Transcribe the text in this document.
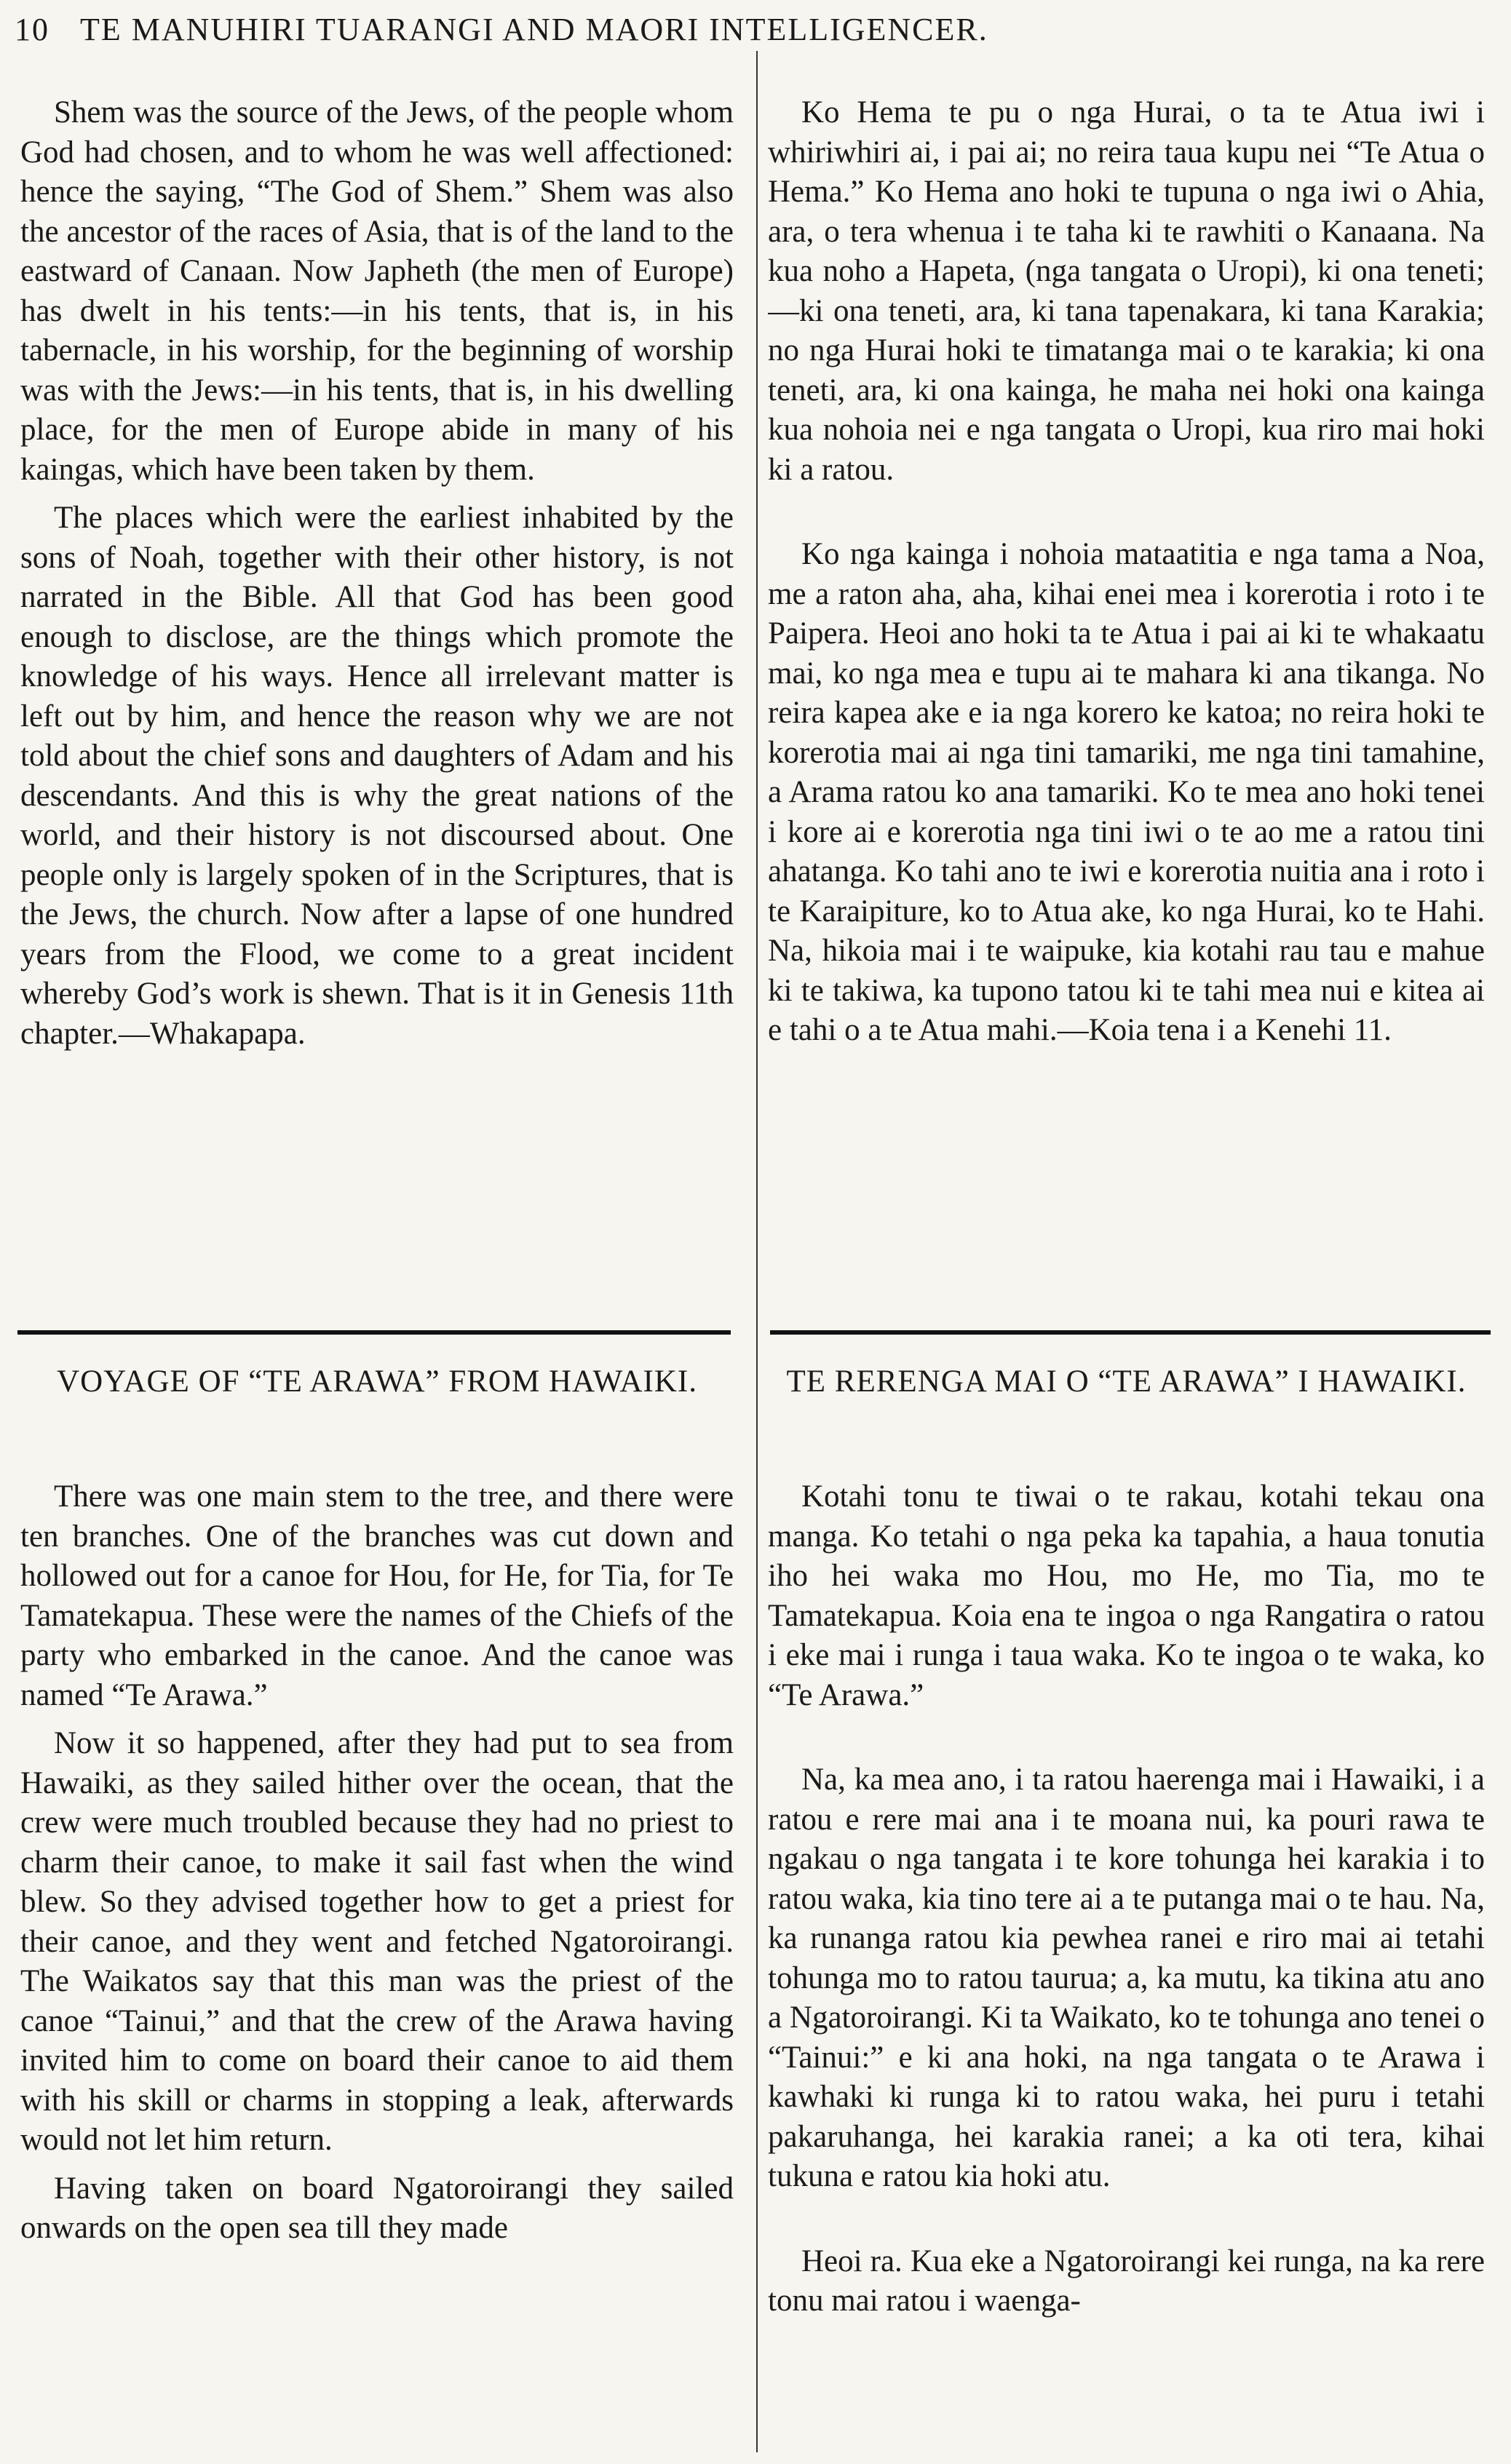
10 TE MANUHIRI TUARANGI AND MAORI INTELLIGENCER.

Shem was the source of the Jews, of the people whom God had chosen, and to whom he was well affectioned: hence the saying, “The God of Shem.” Shem was also the ancestor of the races of Asia, that is of the land to the eastward of Canaan. Now Japheth (the men of Europe) has dwelt in his tents:—in his tents, that is, in his tabernacle, in his worship, for the beginning of worship was with the Jews:—in his tents, that is, in his dwelling place, for the men of Europe abide in many of his kaingas, which have been taken by them.

The places which were the earliest inhabited by the sons of Noah, together with their other history, is not narrated in the Bible. All that God has been good enough to disclose, are the things which promote the knowledge of his ways. Hence all irrelevant matter is left out by him, and hence the reason why we are not told about the chief sons and daughters of Adam and his descendants. And this is why the great nations of the world, and their history is not discoursed about. One people only is largely spoken of in the Scriptures, that is the Jews, the church. Now after a lapse of one hundred years from the Flood, we come to a great incident whereby God’s work is shewn. That is it in Genesis 11th chapter.—Whakapapa.

Ko Hema te pu o nga Hurai, o ta te Atua iwi i whiriwhiri ai, i pai ai; no reira taua kupu nei “Te Atua o Hema.” Ko Hema ano hoki te tupuna o nga iwi o Ahia, ara, o tera whenua i te taha ki te rawhiti o Kanaana. Na kua noho a Hapeta, (nga tangata o Uropi), ki ona teneti;—ki ona teneti, ara, ki tana tapenakara, ki tana Karakia; no nga Hurai hoki te timatanga mai o te karakia; ki ona teneti, ara, ki ona kainga, he maha nei hoki ona kainga kua nohoia nei e nga tangata o Uropi, kua riro mai hoki ki a ratou.

Ko nga kainga i nohoia mataatitia e nga tama a Noa, me a raton aha, aha, kihai enei mea i korerotia i roto i te Paipera. Heoi ano hoki ta te Atua i pai ai ki te whakaatu mai, ko nga mea e tupu ai te mahara ki ana tikanga. No reira kapea ake e ia nga korero ke katoa; no reira hoki te korerotia mai ai nga tini tamariki, me nga tini tamahine, a Arama ratou ko ana tamariki. Ko te mea ano hoki tenei i kore ai e korerotia nga tini iwi o te ao me a ratou tini ahatanga. Ko tahi ano te iwi e korerotia nuitia ana i roto i te Karaipiture, ko to Atua ake, ko nga Hurai, ko te Hahi. Na, hikoia mai i te waipuke, kia kotahi rau tau e mahue ki te takiwa, ka tupono tatou ki te tahi mea nui e kitea ai e tahi o a te Atua mahi.—Koia tena i a Kenehi 11.

VOYAGE OF “TE ARAWA” FROM HAWAIKI.	TE RERENGA MAI O “TE ARAWA” I HAWAIKI.

There was one main stem to the tree, and there were ten branches. One of the branches was cut down and hollowed out for a canoe for Hou, for He, for Tia, for Te Tamatekapua. These were the names of the Chiefs of the party who embarked in the canoe. And the canoe was named “Te Arawa.”

Now it so happened, after they had put to sea from Hawaiki, as they sailed hither over the ocean, that the crew were much troubled because they had no priest to charm their canoe, to make it sail fast when the wind blew. So they advised together how to get a priest for their canoe, and they went and fetched Ngatoroirangi. The Waikatos say that this man was the priest of the canoe “Tainui,” and that the crew of the Arawa having invited him to come on board their canoe to aid them with his skill or charms in stopping a leak, afterwards would not let him return.

Having taken on board Ngatoroirangi they sailed onwards on the open sea till they made

Kotahi tonu te tiwai o te rakau, kotahi tekau ona manga. Ko tetahi o nga peka ka tapahia, a haua tonutia iho hei waka mo Hou, mo He, mo Tia, mo te Tamatekapua. Koia ena te ingoa o nga Rangatira o ratou i eke mai i runga i taua waka. Ko te ingoa o te waka, ko “Te Arawa.”

Na, ka mea ano, i ta ratou haerenga mai i Hawaiki, i a ratou e rere mai ana i te moana nui, ka pouri rawa te ngakau o nga tangata i te kore tohunga hei karakia i to ratou waka, kia tino tere ai a te putanga mai o te hau. Na, ka runanga ratou kia pewhea ranei e riro mai ai tetahi tohunga mo to ratou taurua; a, ka mutu, ka tikina atu ano a Ngatoroirangi. Ki ta Waikato, ko te tohunga ano tenei o “Tainui:” e ki ana hoki, na nga tangata o te Arawa i kawhaki ki runga ki to ratou waka, hei puru i tetahi pakaruhanga, hei karakia ranei; a ka oti tera, kihai tukuna e ratou kia hoki atu.

Heoi ra. Kua eke a Ngatoroirangi kei runga, na ka rere tonu mai ratou i waenga-
